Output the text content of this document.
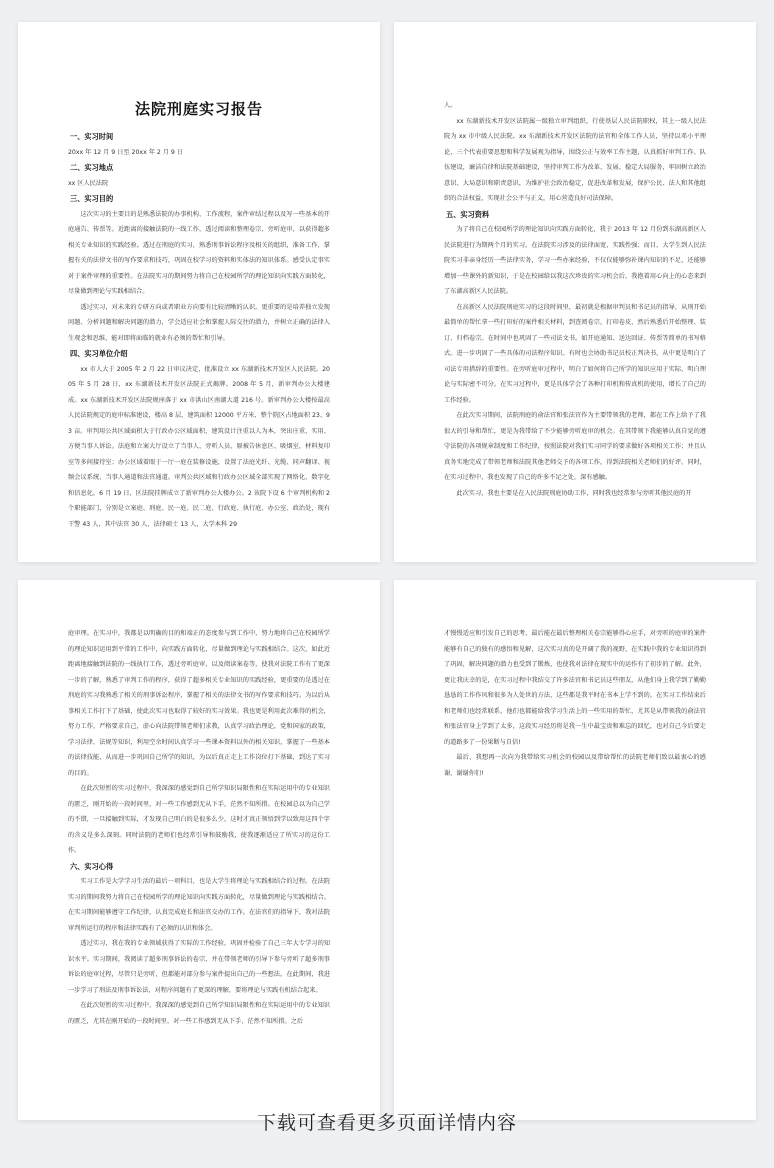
法院刑庭实习报告

一、实习时间

20xx 年 12 月 9 日至 20xx 年 2 月 9 日

二、实习地点

xx 区人民法院

三、实习目的

这次实习的主要目的是熟悉法院的办事机构、工作流程，案件审结过程以及写一些基本的开庭通告、传票等。近距离的接触法院的一线工作，透过阅读和整理卷宗、旁听庭审，以获得超多相关专业知识的实践经验。透过在刑庭的实习，熟悉刑事诉讼程序及相关的组织，准备工作，掌握有关的法律文书的写作要求和技巧，巩固在校学习的资料和实体法的知识体系。感受认定事实对于案件审理的重要性。在法院实习的期间努力将自己在校园所学的理论知识向实践方面转化，尽量做到理论与实践相结合。

透过实习，对未来的专研方向或者职业方向要有比较清晰的认识。更重要的是培养独立发现问题、分析问题和解决问题的潜力，学会适应社会和掌握人际交往的潜力，并树立正确的法律人生观念和思维，能对即将面临的就业有必须的帮忙和引导。

四、实习单位介绍

xx 市人大于 2005 年 2 月 22 日审议决定，批准设立 xx 东湖新技术开发区人民法院。2005 年 5 月 28 日，xx 东湖新技术开发区法院正式揭牌。2008 年 5 月，新审判办公大楼建成。xx 东湖新技术开发区法院规座落于 xx 市洪山区南湖大道 216 号。新审判办公大楼按最高人民法院规定的庭审标准建设，楼高 8 层，建筑面积 12000 平方米，整个院区占地面积 23、93 亩。审判用公共区域面积大于行政办公区域面积，建筑设计注重以人为本，突出庄重、实用、方便当事人诉讼。法庭和立案大厅设立了当事人、旁听人员、原被告休息区、吸烟室，材料复印室等多间接待室；办公区域着眼于一厅一庭在装修设施，设置了法庭光纤、光缆、同声翻译、视频会议系统、当事人通道和法官通道。审判公共区域和行政办公区域全部实现了网络化、数字化和信息化。6 月 19 日，区法院挂牌成立了新审判办公大楼办公。2 该院下设 6 个审判机构和 2 个职能部门，分别是立案庭、刑庭、民一庭、民二庭、行政庭、执行庭、办公室、政治处，现有干警 43 人，其中法官 30 人，法律硕士 13 人，大学本科 29

人。

xx 东湖新技术开发区法院属一级独立审判组织，行使基层人民法院职权，其上一级人民法院为 xx 市中级人民法院。xx 东湖新技术开发区法院的法官和全体工作人员，坚持以邓小平理论，三个代表重要思想和科学发展观为指导，围绕公正与效率工作主题，认真抓好审判工作、队伍建设，廉洁自律和法院基础建设，坚持审判工作为改革、发展、稳定大局服务，牢固树立政治意识、大局意识和职责意识，为维护社会政治稳定，促进改革和发展，保护公民、法人和其他组织的合法权益，实现社会公平与正义，用心营造良好司法保障。

五、实习资料

为了将自己在校园所学的理论知识向实践方面转化，我于 2013 年 12 月份到东湖高新区人民法院进行为期两个月的实习。在法院实习涉及的法律面宽，实践性强；而目，大学生到人民法院实习非亲身经历一些法律实务，学习一些办案经验，不仅仅能够弥补课内知识的不足，还能够增加一些课外的新知识，于是在校园给以我这次珍贵的实习机会后，我抱着用心向上的心态来到了东湖高新区人民法院。

在高新区人民法院刑庭实习的这段时间里，最初就是根据审判员和书记员的指导，从刑开始最简单的帮忙拿一些打印好的案件相关材料，到查阅卷宗，打印卷皮，然后熟悉后开始整理、装订、归档卷宗。在时间中也巩固了一些司法文书。如开庭通知、送达回证、传票等简单的书写格式。进一步巩固了一些具体的司法程序知识。有时也会协助书记员校正判决书，从中更是明白了司法专用措辞的重要性。在旁听庭审过程中，明白了如何将自己所学的知识应用于实际，明白理论与实际密不可分。在实习过程中，更是具体学会了各种打印机和传真机的使用，增长了自己的工作经验。

在此次实习期间，法院刑庭的俞法官和张法官作为主要带领我的老师，都在工作上给予了我很大的引导和帮忙，更是为我带给了不少能够旁听庭审的机会。在其带领下我能够认真自觉的遵守法院的各项规章制度和工作纪律，按照法院对我们实习同学的要求做好各项相关工作；并且认真务实地完成了带领老师和法院其他老师交予的各项工作，得到法院相关老师们的好评。同时，在实习过程中，我也发现了自己的许多不足之处，深有感触。

此次实习，我也主要是在人民法院刑庭协助工作，同时我也经常参与旁听其他民庭的开

庭审理。在实习中，我都是以明确的目的和端正的态度参与到工作中，努力地将自己在校园所学的理论知识运用到平常的工作中，向实践方面转化，尽量做到理论与实践相结合。这次，如此近距离地接触到法院的一线执行工作，透过旁听庭审，以及阅读案卷等，使我对法院工作有了更深一步的了解，熟悉了审判工作的程序，获得了超多相关专业知识的实践经验，更重要的是透过在刑庭的实习我熟悉了相关的刑事诉讼程序，掌握了相关的法律文书的写作要求和技巧。为以后从事相关工作打下了基础，使此次实习也取得了较好的实习效果。我也更是利用此次难得的机会，努力工作，严格要求自己，虚心向法院带领老师们求教，认真学习政治理论，党和国家的政策，学习法律、法规等知识，利用空余时间认真学习一些课本资料以外的相关知识，掌握了一些基本的法律技能，从而进一步巩固自己所学的知识，为以后真正走上工作岗位打下基础，到达了实习的目的。

在此次短暂的实习过程中，我深深的感觉到自己所学知识局限性和在实际运用中的专业知识的匮乏，刚开始的一段时间里，对一些工作感到无从下手，茫然不知所措。在校园总以为自己学的不错，一旦接触到实际，才发现自己明白的是很多么少，这时才真正领悟到学以致用这四个字的含义是多么深刻。同时法院的老师们也经常引导和鼓励我，使我逐渐适应了所实习的这份工作。

六、实习心得

实习工作是大学学习生活的最后一项科目，也是大学生将理论与实践相结合的过程。在法院实习的期间我努力将自己在校园所学的理论知识向实践方面转化，尽量做到理论与实践相结合。在实习期间能够遵守工作纪律，认真完成庭长和法官交办的工作。在法官们的指导下，我对法院审判所运行的程序和法律实践有了必须的认识和体会。

透过实习，我在我的专业领域获得了实际的工作经验，巩固并检验了自己三年大专学习的知识水平。实习期间，我阅读了超多刑事诉讼的卷宗，并在带领老师的引导下参与旁听了超多刑事诉讼的庭审过程，尽管只是旁听，但都能对部分参与案件提出自己的一些想法。在此期间，我进一步学习了刑法及刑事诉讼法，对程序问题有了更深的理解，要将理论与实践有机结合起来。

在此次短暂的实习过程中，我深深的感觉到自己所学知识局限性和在实际运用中的专业知识的匮乏，尤其在刚开始的一段时间里，对一些工作感到无从下手，茫然不知所措。之后

才慢慢适应和引发自己的思考，最后能在最后整理相关卷宗能够得心应手，对旁听的庭审的案件能够有自己的独有的感悟和见解，这次实习真的是开阔了我的视野，在实践中我的专业知识得到了巩固，解决问题的潜力也受到了锻炼，也使我对法律在现实中的运作有了初步的了解。此外，更让我庆幸的是，在实习过程中我结交了许多法官和书记员这些朋友，从他们身上我学到了勤勤恳恳的工作作风和很多为人处世的方法，这些都是我平时在书本上学不到的。在实习工作结束后和老师们也经常联系，他们也都能给我学习生活上的一些实用的帮忙，尤其是从带领我的俞法官和张法官身上学到了太多，这段实习经历将是我一生中最宝贵和难忘的回忆，也对自己今后要走的道路多了一份果断与自信!

最后，我想再一次向为我带给实习机会的校园以及带给帮忙的法院老师们致以最衷心的感谢，谢谢你们!

下载可查看更多页面详情内容
